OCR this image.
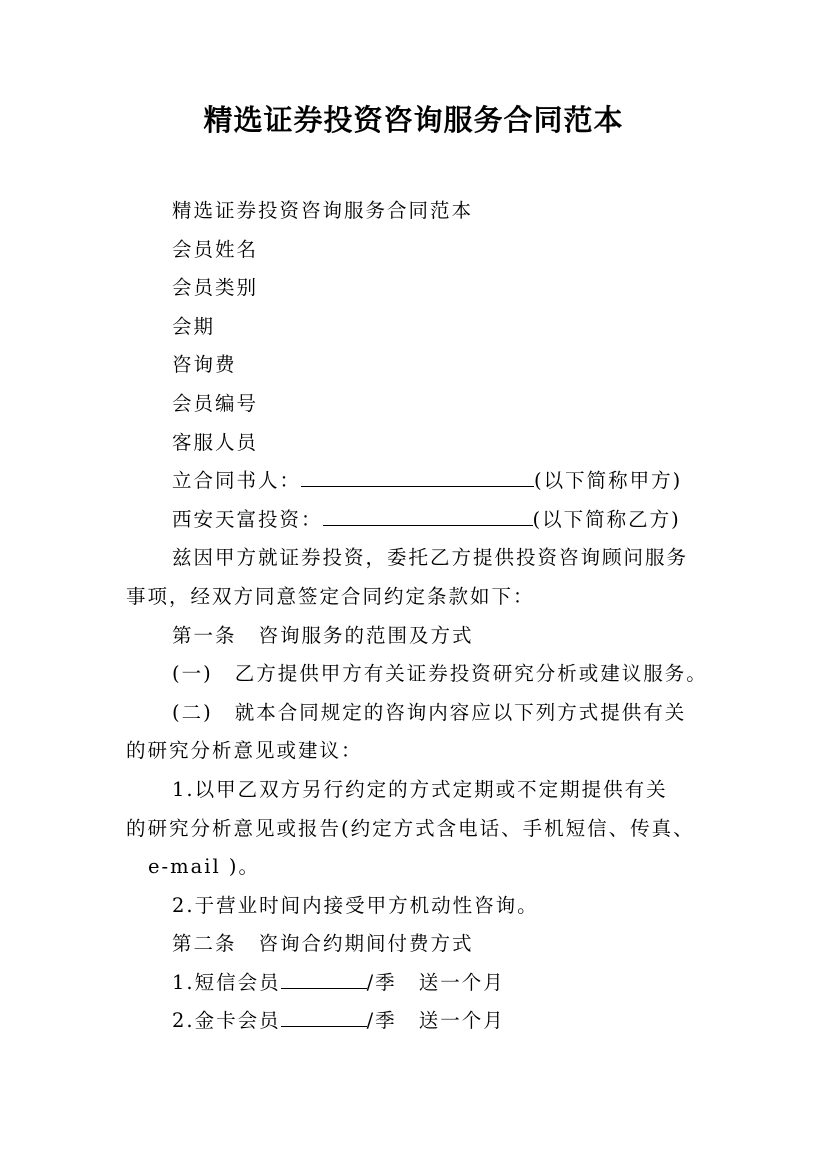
精选证券投资咨询服务合同范本
精选证券投资咨询服务合同范本
会员姓名
会员类别
会期
咨询费
会员编号
客服人员
立合同书人：	(以下简称甲方)
西安天富投资：	(以下简称乙方)
兹因甲方就证券投资，委托乙方提供投资咨询顾问服务
事项，经双方同意签定合同约定条款如下：
第一条 咨询服务的范围及方式
(一) 乙方提供甲方有关证券投资研究分析或建议服务。
(二) 就本合同规定的咨询内容应以下列方式提供有关
的研究分析意见或建议：
1.以甲乙双方另行约定的方式定期或不定期提供有关
的研究分析意见或报告(约定方式含电话、手机短信、传真、
e-mail )。
2.于营业时间内接受甲方机动性咨询。
第二条 咨询合约期间付费方式
1.短信会员	/季 送一个月
2.金卡会员	/季 送一个月
